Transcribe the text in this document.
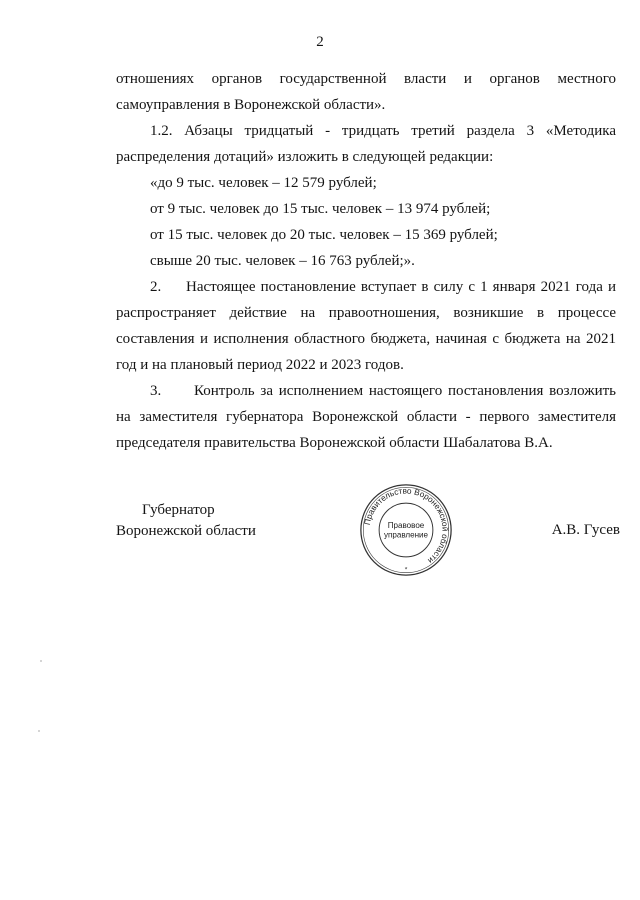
2

отношениях органов государственной власти и органов местного
самоуправления в Воронежской области».

1.2. Абзацы тридцатый - тридцать третий раздела 3 «Методика
распределения дотаций» изложить в следующей редакции:

«до 9 тыс. человек – 12 579 рублей;
от 9 тыс. человек до 15 тыс. человек – 13 974 рублей;
от 15 тыс. человек до 20 тыс. человек – 15 369 рублей;
свыше 20 тыс. человек – 16 763 рублей;».

2. Настоящее постановление вступает в силу с 1 января 2021 года и
распространяет действие на правоотношения, возникшие в процессе
составления и исполнения областного бюджета, начиная с бюджета на 2021
год и на плановый период 2022 и 2023 годов.

3. Контроль за исполнением настоящего постановления возложить
на заместителя губернатора Воронежской области - первого заместителя
председателя правительства Воронежской области Шабалатова В.А.

Губернатор
Воронежской области
Правительство Воронежской области
Правовое
управление
*
А.В. Гусев
